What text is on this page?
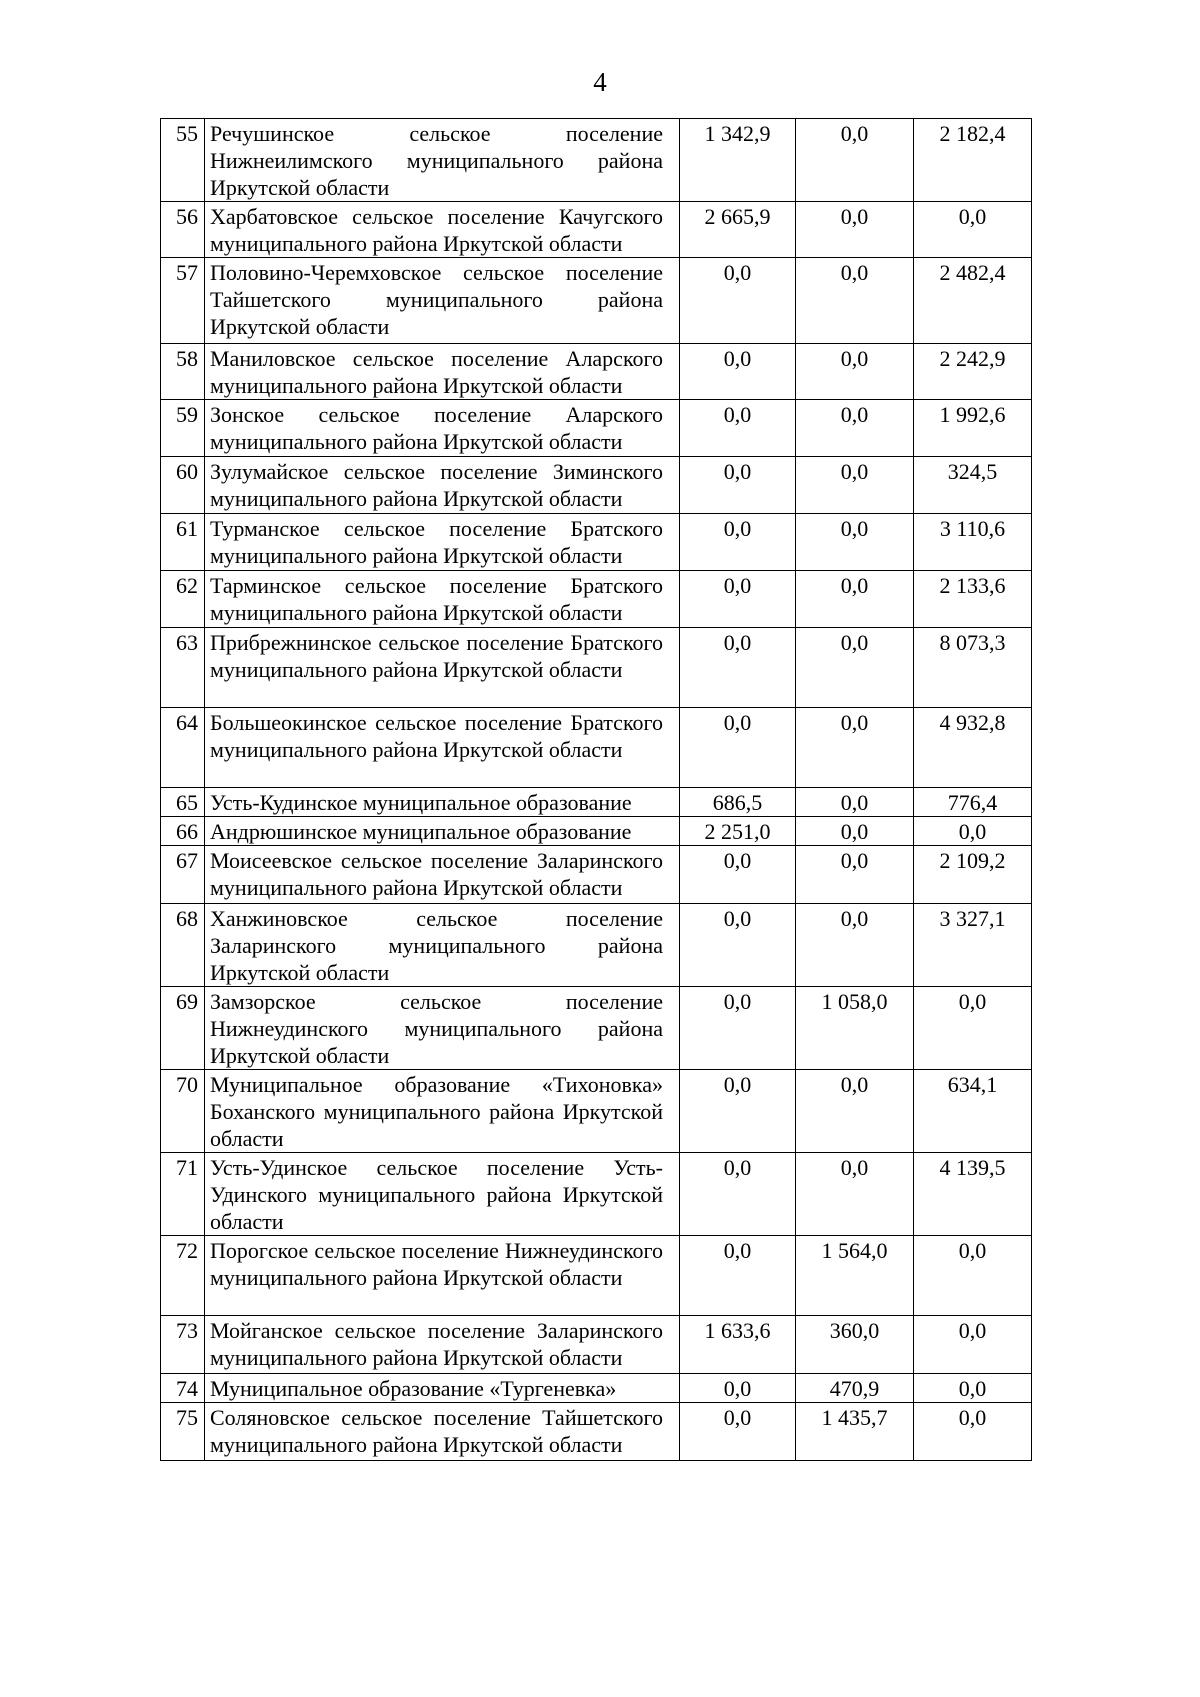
4
55	Речушинское сельское поселение Нижнеилимского муниципального района Иркутской области	1 342,9	0,0	2 182,4
56	Харбатовское сельское поселение Качугского муниципального района Иркутской области	2 665,9	0,0	0,0
57	Половино-Черемховское сельское поселение Тайшетского муниципального района Иркутской области	0,0	0,0	2 482,4
58	Маниловское сельское поселение Аларского муниципального района Иркутской области	0,0	0,0	2 242,9
59	Зонское сельское поселение Аларского муниципального района Иркутской области	0,0	0,0	1 992,6
60	Зулумайское сельское поселение Зиминского муниципального района Иркутской области	0,0	0,0	324,5
61	Турманское сельское поселение Братского муниципального района Иркутской области	0,0	0,0	3 110,6
62	Тарминское сельское поселение Братского муниципального района Иркутской области	0,0	0,0	2 133,6
63	Прибрежнинское сельское поселение Братского муниципального района Иркутской области	0,0	0,0	8 073,3
64	Большеокинское сельское поселение Братского муниципального района Иркутской области	0,0	0,0	4 932,8
65	Усть-Кудинское муниципальное образование	686,5	0,0	776,4
66	Андрюшинское муниципальное образование	2 251,0	0,0	0,0
67	Моисеевское сельское поселение Заларинского муниципального района Иркутской области	0,0	0,0	2 109,2
68	Ханжиновское сельское поселение Заларинского муниципального района Иркутской области	0,0	0,0	3 327,1
69	Замзорское сельское поселение Нижнеудинского муниципального района Иркутской области	0,0	1 058,0	0,0
70	Муниципальное образование «Тихоновка» Боханского муниципального района Иркутской области	0,0	0,0	634,1
71	Усть-Удинское сельское поселение Усть-Удинского муниципального района Иркутской области	0,0	0,0	4 139,5
72	Порогское сельское поселение Нижнеудинского муниципального района Иркутской области	0,0	1 564,0	0,0
73	Мойганское сельское поселение Заларинского муниципального района Иркутской области	1 633,6	360,0	0,0
74	Муниципальное образование «Тургеневка»	0,0	470,9	0,0
75	Соляновское сельское поселение Тайшетского муниципального района Иркутской области	0,0	1 435,7	0,0
